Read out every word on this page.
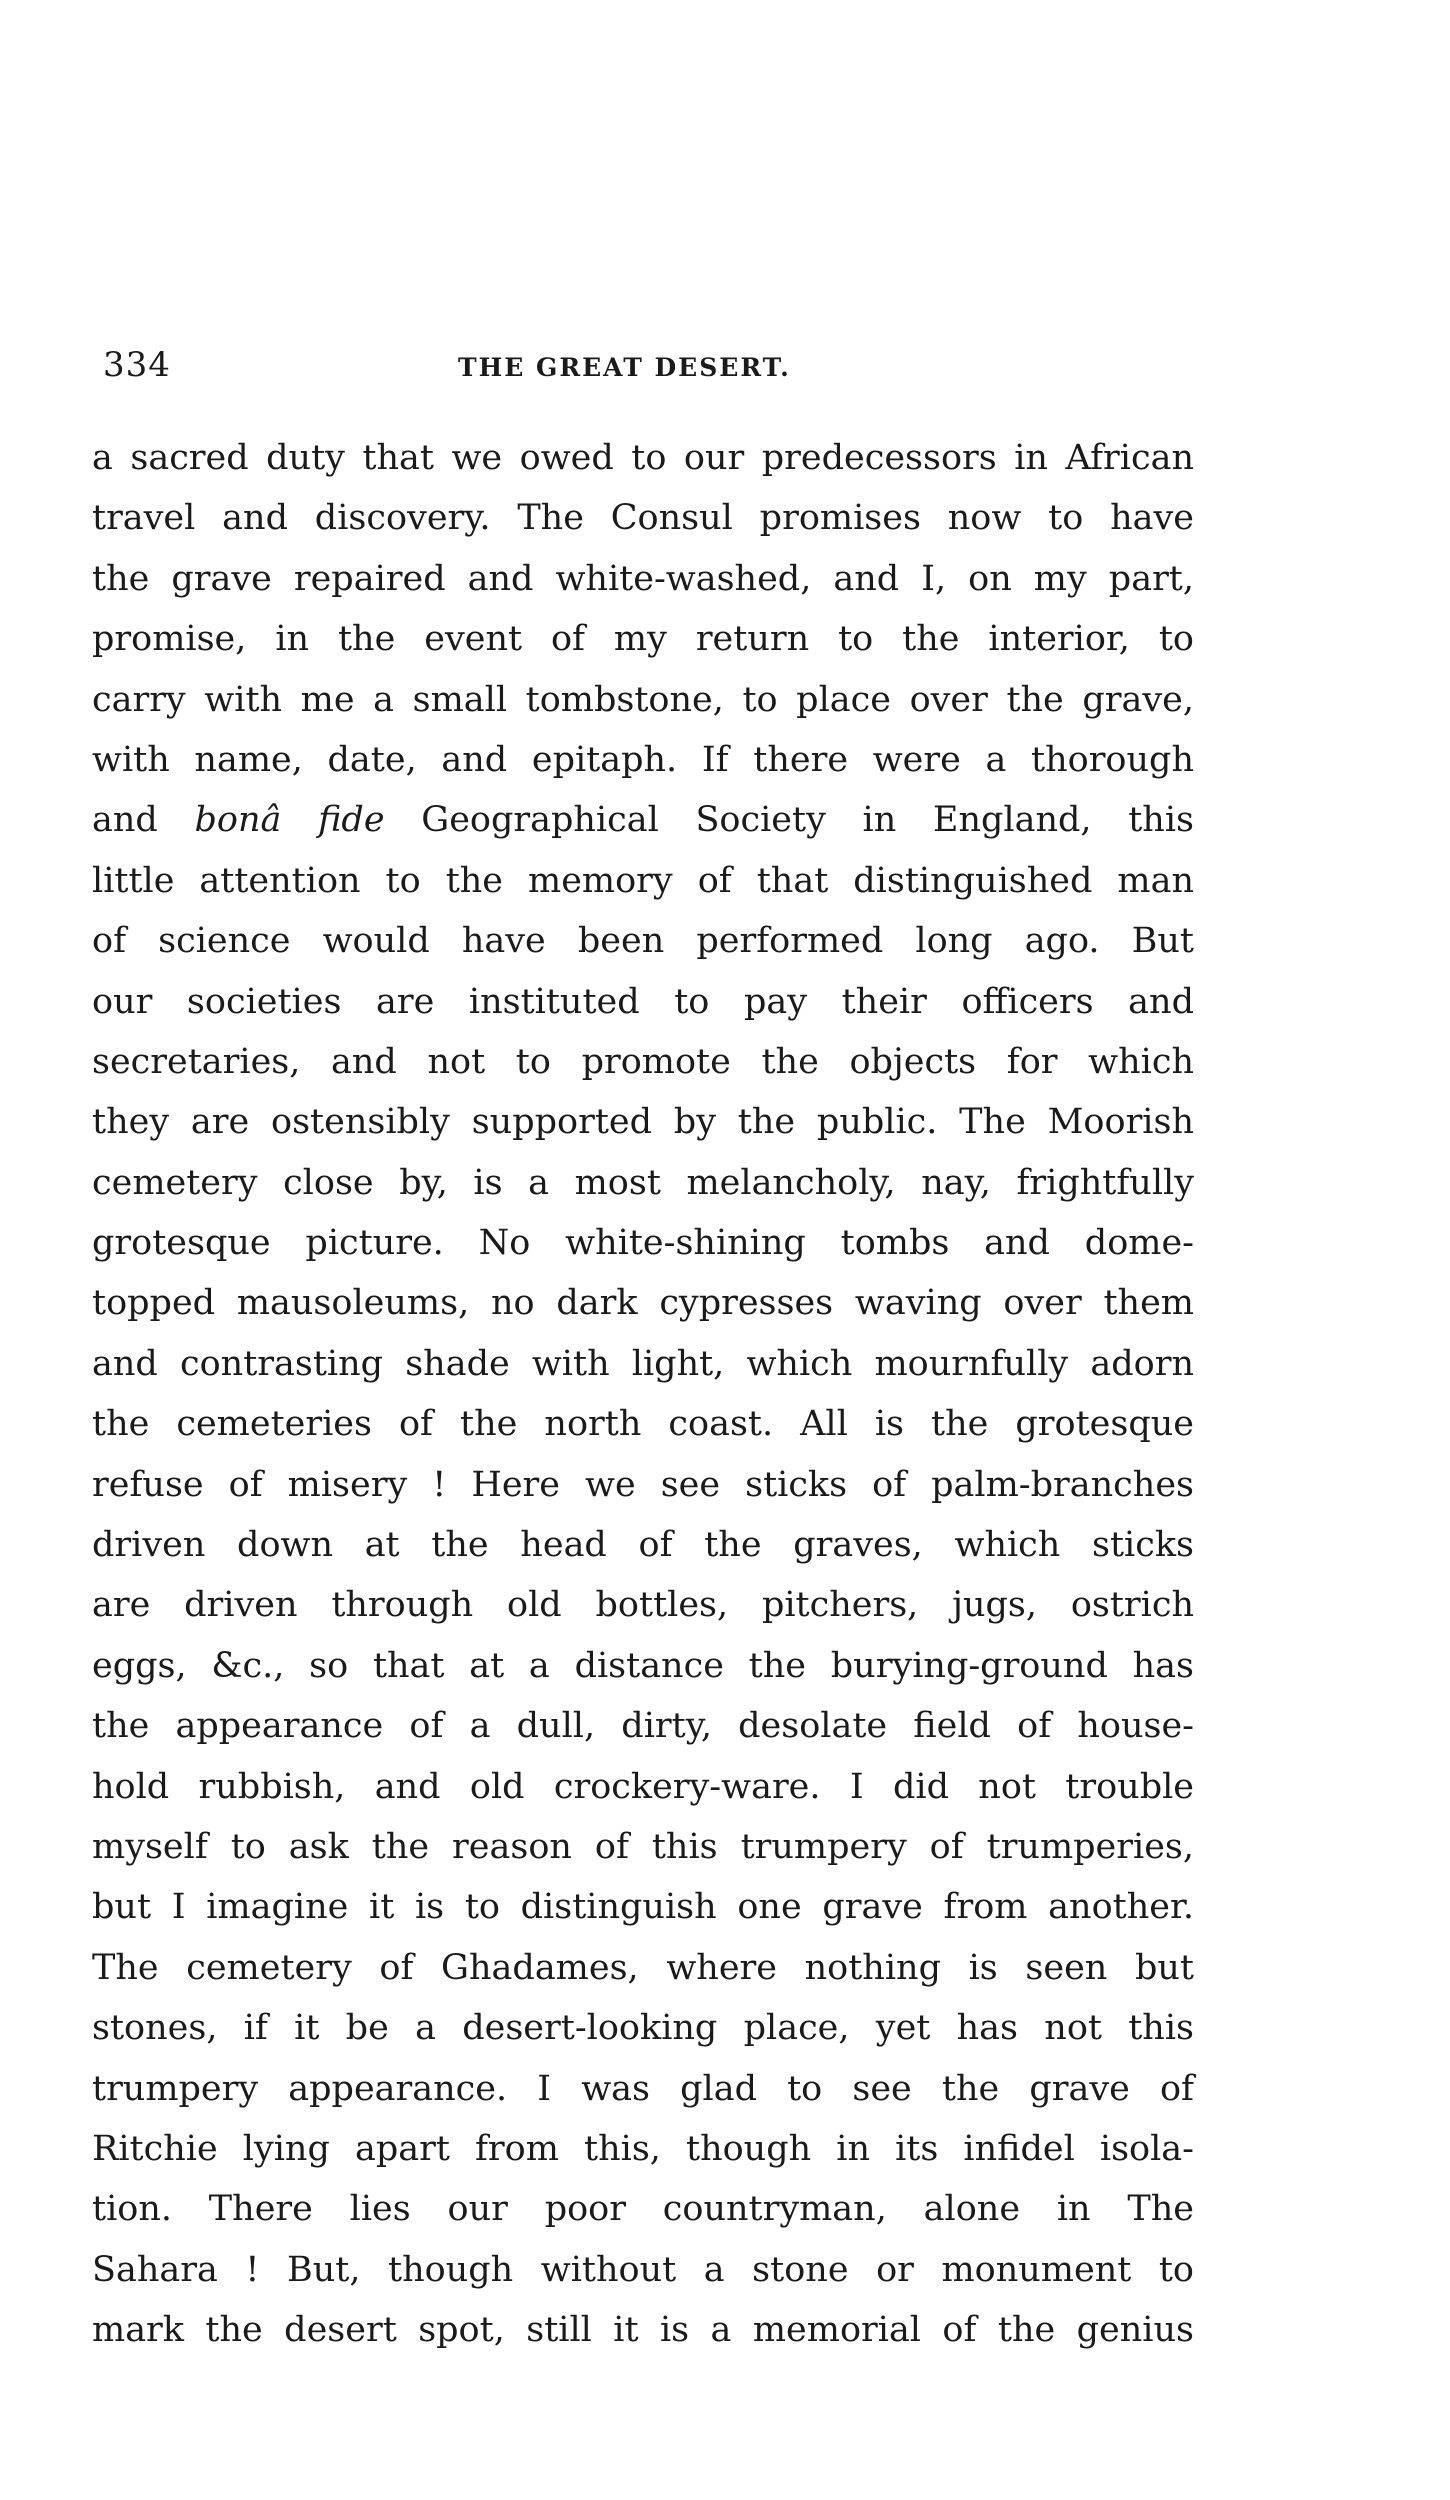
334	THE GREAT DESERT.
a sacred duty that we owed to our predecessors in African
travel and discovery. The Consul promises now to have
the grave repaired and white-washed, and I, on my part,
promise, in the event of my return to the interior, to
carry with me a small tombstone, to place over the grave,
with name, date, and epitaph. If there were a thorough
and bonâ fide Geographical Society in England, this
little attention to the memory of that distinguished man
of science would have been performed long ago. But
our societies are instituted to pay their officers and
secretaries, and not to promote the objects for which
they are ostensibly supported by the public. The Moorish
cemetery close by, is a most melancholy, nay, frightfully
grotesque picture. No white-shining tombs and dome-
topped mausoleums, no dark cypresses waving over them
and contrasting shade with light, which mournfully adorn
the cemeteries of the north coast. All is the grotesque
refuse of misery ! Here we see sticks of palm-branches
driven down at the head of the graves, which sticks
are driven through old bottles, pitchers, jugs, ostrich
eggs, &c., so that at a distance the burying-ground has
the appearance of a dull, dirty, desolate field of house-
hold rubbish, and old crockery-ware. I did not trouble
myself to ask the reason of this trumpery of trumperies,
but I imagine it is to distinguish one grave from another.
The cemetery of Ghadames, where nothing is seen but
stones, if it be a desert-looking place, yet has not this
trumpery appearance. I was glad to see the grave of
Ritchie lying apart from this, though in its infidel isola-
tion. There lies our poor countryman, alone in The
Sahara ! But, though without a stone or monument to
mark the desert spot, still it is a memorial of the genius
